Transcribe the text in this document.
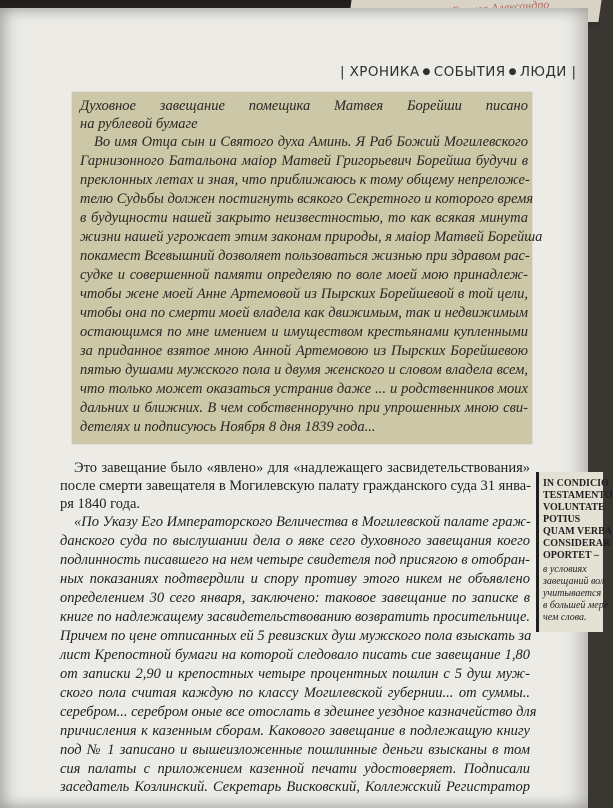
| ХРОНИКА ● СОБЫТИЯ ● ЛЮДИ |
Духовное завещание помещика Матвея Борейши писано
на рублевой бумаге
Во имя Отца сын и Святого духа Аминь. Я Раб Божий Могилевского
Гарнизонного Батальона маіор Матвей Григорьевич Борейша будучи в
преклонных летах и зная, что приближаюсь к тому общему непреложе-
телю Судьбы должен постигнуть всякого Секретного и которого время
в будущности нашей закрыто неизвестностью, то как всякая минута
жизни нашей угрожает этим законам природы, я маіор Матвей Борейша
покамест Всевышний дозволяет пользоваться жизнью при здравом рас-
судке и совершенной памяти определяю по воле моей мою принадлеж-
чтобы жене моей Анне Артемовой из Пырских Борейшевой в той цели,
чтобы она по смерти моей владела как движимым, так и недвижимым
остающимся по мне имением и имуществом крестьянами купленными
за приданное взятое мною Анной Артемовою из Пырских Борейшевою
пятью душами мужского пола и двумя женского и словом владела всем,
что только может оказаться устранив даже ... и родственников моих
дальних и ближних. В чем собственноручно при упрошенных мною сви-
детелях и подписуюсь Ноября 8 дня 1839 года...
Это завещание было «явлено» для «надлежащего засвидетельствования»
после смерти завещателя в Могилевскую палату гражданского суда 31 янва-
ря 1840 года.
«По Указу Его Императорского Величества в Могилевской палате граж-
данского суда по выслушании дела о явке сего духовного завещания коего
подлинность писавшего на нем четыре свидетеля под присягою в отобран-
ных показаниях подтвердили и спору противу этого никем не объявлено
определением 30 сего января, заключено: таковое завещание по записке в
книге по надлежащему засвидетельствованию возвратить просительнице.
Причем по цене отписанных ей 5 ревизских душ мужского пола взыскать за
лист Крепостной бумаги на которой следовало писать сие завещание 1,80
от записки 2,90 и крепостных четыре процентных пошлин с 5 душ муж-
ского пола считая каждую по классу Могилевской губернии... от суммы..
серебром... серебром оные все отослать в здешнее уездное казначейство для
причисления к казенным сборам. Какового завещание в подлежащую книгу
под № 1 записано и вышеизложенные пошлинные деньги взысканы в том
сия палаты с приложением казенной печати удостоверяет. Подписали
заседатель Козлинский. Секретарь Висковский, Коллежский Регистратор
IN CONDICIO
TESTAMENTO
VOLUNTATE
POTIUS
QUAM VERBA
CONSIDERAR
OPORTET –
в условиях
завещаний вол
учитывается
в большей мере
чем слова.
